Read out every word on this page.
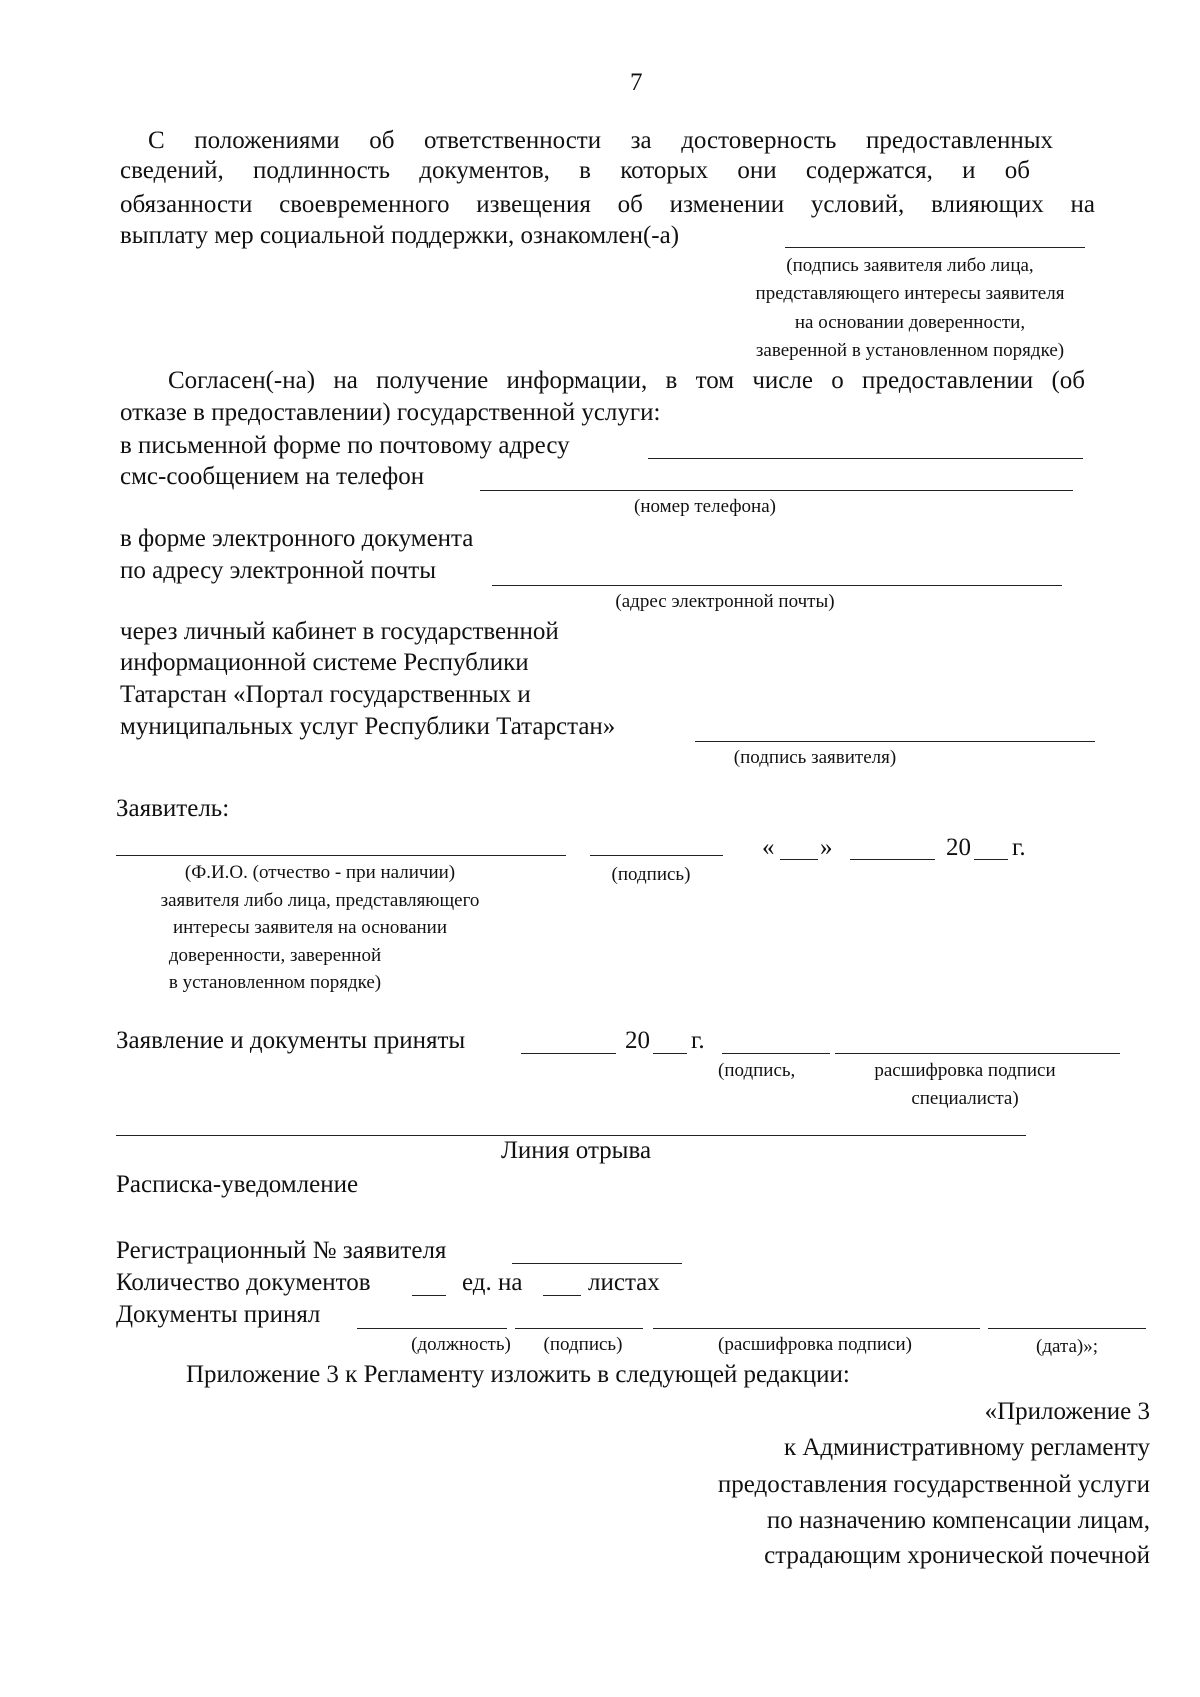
7
С положениями об ответственности за достоверность предоставленных
сведений, подлинность документов, в которых они содержатся, и об
обязанности своевременного извещения об изменении условий, влияющих на
выплату мер социальной поддержки, ознакомлен(-а)
(подпись заявителя либо лица,
представляющего интересы заявителя
на основании доверенности,
заверенной в установленном порядке)
Согласен(-на) на получение информации, в том числе о предоставлении (об
отказе в предоставлении) государственной услуги:
в письменной форме по почтовому адресу
смс-сообщением на телефон
(номер телефона)
в форме электронного документа
по адресу электронной почты
(адрес электронной почты)
через личный кабинет в государственной
информационной системе Республики
Татарстан «Портал государственных и
муниципальных услуг Республики Татарстан»
(подпись заявителя)
Заявитель:
« »	20 г.
(Ф.И.О. (отчество - при наличии)
заявителя либо лица, представляющего
интересы заявителя на основании
доверенности, заверенной
в установленном порядке)
(подпись)
Заявление и документы приняты	20 г.
(подпись,	расшифровка подписи
специалиста)
Линия отрыва
Расписка-уведомление
Регистрационный № заявителя
Количество документов	ед. на	листах
Документы принял
(должность)	(подпись)	(расшифровка подписи)	(дата)»;
Приложение 3 к Регламенту изложить в следующей редакции:
«Приложение 3
к Административному регламенту
предоставления государственной услуги
по назначению компенсации лицам,
страдающим хронической почечной
